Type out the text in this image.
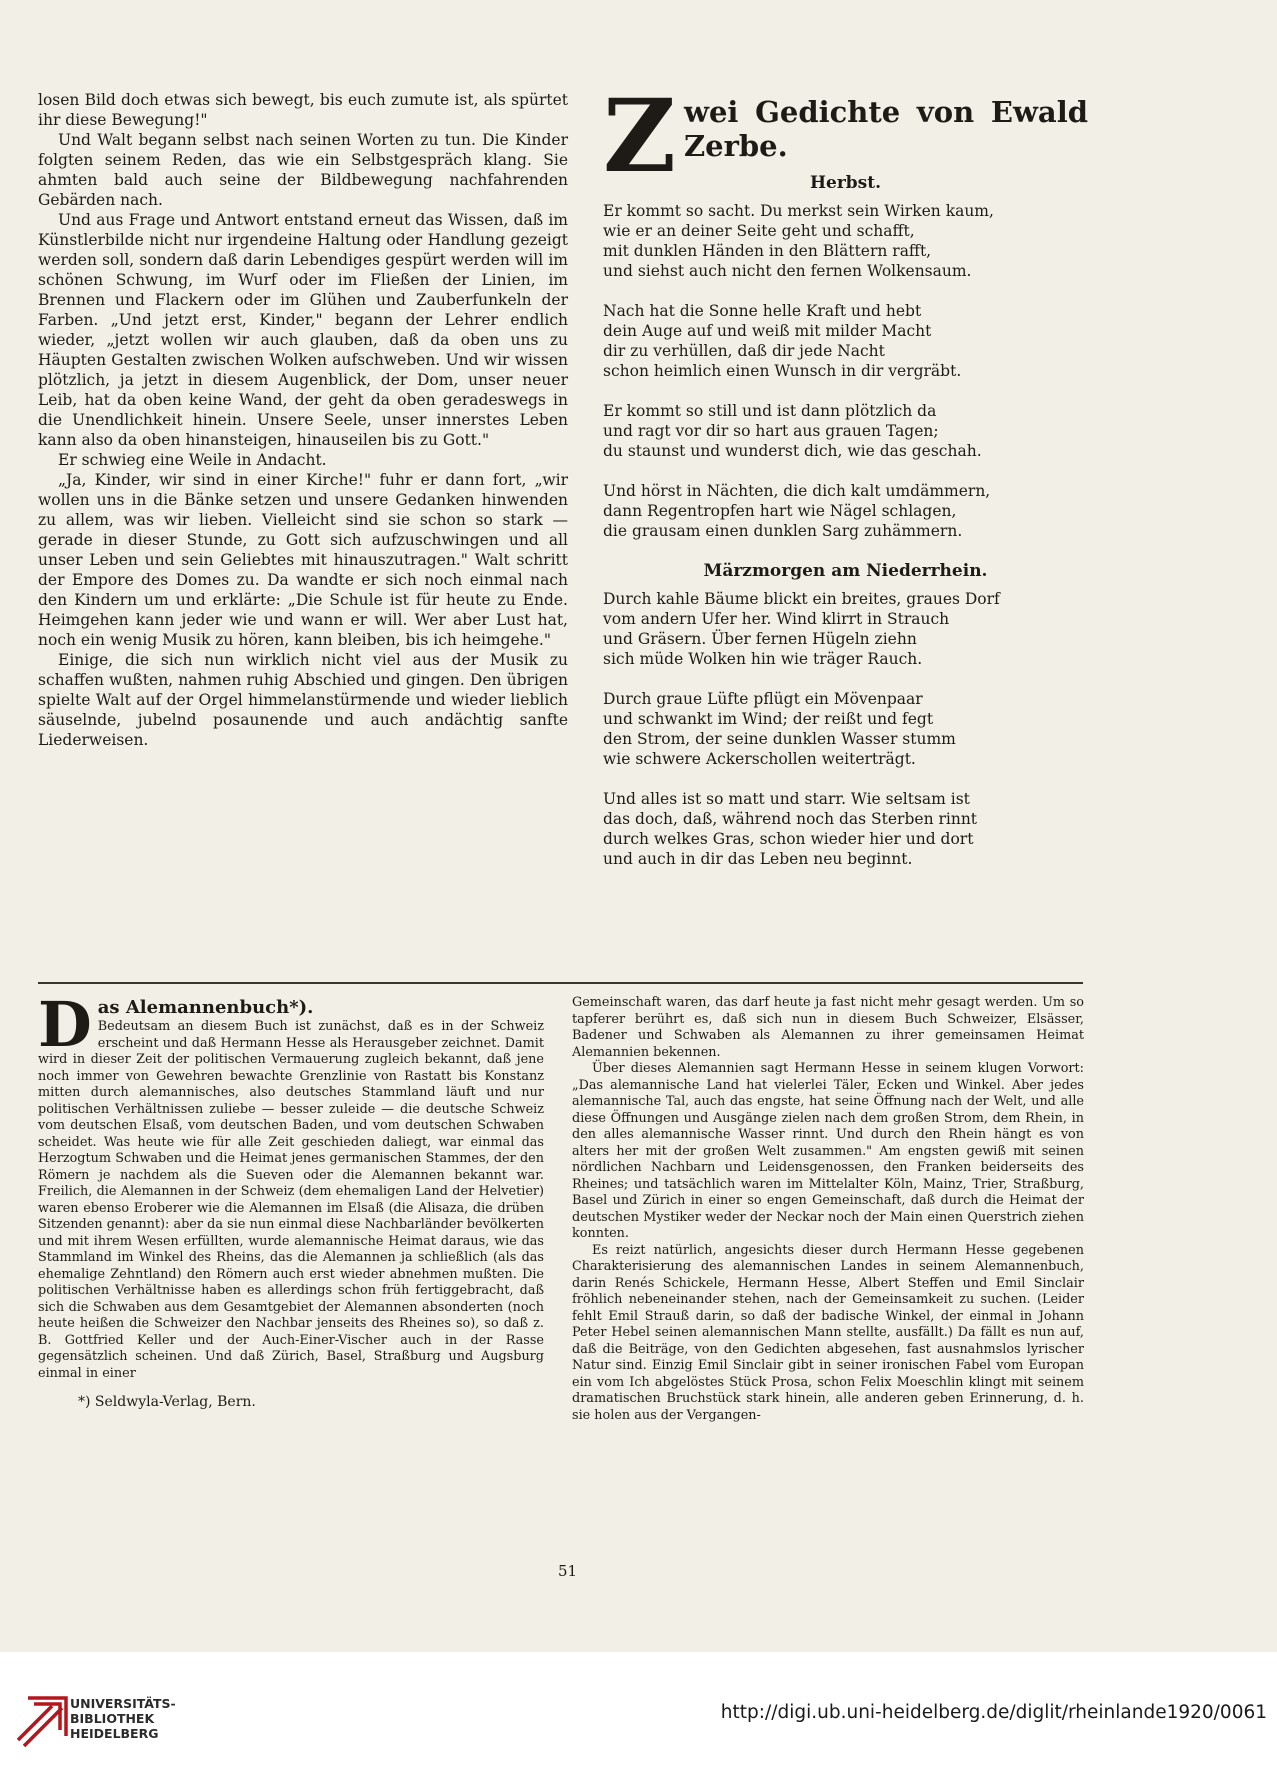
losen Bild doch etwas sich bewegt, bis euch zumute ist, als spürtet ihr diese Bewegung!"

Und Walt begann selbst nach seinen Worten zu tun. Die Kinder folgten seinem Reden, das wie ein Selbstgespräch klang. Sie ahmten bald auch seine der Bildbewegung nachfahrenden Gebärden nach.

Und aus Frage und Antwort entstand erneut das Wissen, daß im Künstlerbilde nicht nur irgendeine Haltung oder Handlung gezeigt werden soll, sondern daß darin Lebendiges gespürt werden will im schönen Schwung, im Wurf oder im Fließen der Linien, im Brennen und Flackern oder im Glühen und Zauberfunkeln der Farben. „Und jetzt erst, Kinder," begann der Lehrer endlich wieder, „jetzt wollen wir auch glauben, daß da oben uns zu Häupten Gestalten zwischen Wolken aufschweben. Und wir wissen plötzlich, ja jetzt in diesem Augenblick, der Dom, unser neuer Leib, hat da oben keine Wand, der geht da oben geradeswegs in die Unendlichkeit hinein. Unsere Seele, unser innerstes Leben kann also da oben hinansteigen, hinauseilen bis zu Gott."

Er schwieg eine Weile in Andacht.

„Ja, Kinder, wir sind in einer Kirche!" fuhr er dann fort, „wir wollen uns in die Bänke setzen und unsere Gedanken hinwenden zu allem, was wir lieben. Vielleicht sind sie schon so stark — gerade in dieser Stunde, zu Gott sich aufzuschwingen und all unser Leben und sein Geliebtes mit hinauszutragen." Walt schritt der Empore des Domes zu. Da wandte er sich noch einmal nach den Kindern um und erklärte: „Die Schule ist für heute zu Ende. Heimgehen kann jeder wie und wann er will. Wer aber Lust hat, noch ein wenig Musik zu hören, kann bleiben, bis ich heimgehe."

Einige, die sich nun wirklich nicht viel aus der Musik zu schaffen wußten, nahmen ruhig Abschied und gingen. Den übrigen spielte Walt auf der Orgel himmelanstürmende und wieder lieblich säuselnde, jubelnd posaunende und auch andächtig sanfte Liederweisen.

Z wei Gedichte von Ewald Zerbe.
Herbst.

Er kommt so sacht. Du merkst sein Wirken kaum,

wie er an deiner Seite geht und schafft,

mit dunklen Händen in den Blättern rafft,

und siehst auch nicht den fernen Wolkensaum.

Nach hat die Sonne helle Kraft und hebt

dein Auge auf und weiß mit milder Macht

dir zu verhüllen, daß dir jede Nacht

schon heimlich einen Wunsch in dir vergräbt.

Er kommt so still und ist dann plötzlich da

und ragt vor dir so hart aus grauen Tagen;

du staunst und wunderst dich, wie das geschah.

Und hörst in Nächten, die dich kalt umdämmern,

dann Regentropfen hart wie Nägel schlagen,

die grausam einen dunklen Sarg zuhämmern.

Märzmorgen am Niederrhein.

Durch kahle Bäume blickt ein breites, graues Dorf

vom andern Ufer her. Wind klirrt in Strauch

und Gräsern. Über fernen Hügeln ziehn

sich müde Wolken hin wie träger Rauch.

Durch graue Lüfte pflügt ein Mövenpaar

und schwankt im Wind; der reißt und fegt

den Strom, der seine dunklen Wasser stumm

wie schwere Ackerschollen weiterträgt.

Und alles ist so matt und starr. Wie seltsam ist

das doch, daß, während noch das Sterben rinnt

durch welkes Gras, schon wieder hier und dort

und auch in dir das Leben neu beginnt.

D as Alemannenbuch*).

Bedeutsam an diesem Buch ist zunächst, daß es in der Schweiz erscheint und daß Hermann Hesse als Herausgeber zeichnet. Damit wird in dieser Zeit der politischen Vermauerung zugleich bekannt, daß jene noch immer von Gewehren bewachte Grenzlinie von Rastatt bis Konstanz mitten durch alemannisches, also deutsches Stammland läuft und nur politischen Verhältnissen zuliebe — besser zuleide — die deutsche Schweiz vom deutschen Elsaß, vom deutschen Baden, und vom deutschen Schwaben scheidet. Was heute wie für alle Zeit geschieden daliegt, war einmal das Herzogtum Schwaben und die Heimat jenes germanischen Stammes, der den Römern je nachdem als die Sueven oder die Alemannen bekannt war. Freilich, die Alemannen in der Schweiz (dem ehemaligen Land der Helvetier) waren ebenso Eroberer wie die Alemannen im Elsaß (die Alisaza, die drüben Sitzenden genannt): aber da sie nun einmal diese Nachbarländer bevölkerten und mit ihrem Wesen erfüllten, wurde alemannische Heimat daraus, wie das Stammland im Winkel des Rheins, das die Alemannen ja schließlich (als das ehemalige Zehntland) den Römern auch erst wieder abnehmen mußten. Die politischen Verhältnisse haben es allerdings schon früh fertiggebracht, daß sich die Schwaben aus dem Gesamtgebiet der Alemannen absonderten (noch heute heißen die Schweizer den Nachbar jenseits des Rheines so), so daß z. B. Gottfried Keller und der Auch-Einer-Vischer auch in der Rasse gegensätzlich scheinen. Und daß Zürich, Basel, Straßburg und Augsburg einmal in einer

*) Seldwyla-Verlag, Bern.

Gemeinschaft waren, das darf heute ja fast nicht mehr gesagt werden. Um so tapferer berührt es, daß sich nun in diesem Buch Schweizer, Elsässer, Badener und Schwaben als Alemannen zu ihrer gemeinsamen Heimat Alemannien bekennen.

Über dieses Alemannien sagt Hermann Hesse in seinem klugen Vorwort: „Das alemannische Land hat vielerlei Täler, Ecken und Winkel. Aber jedes alemannische Tal, auch das engste, hat seine Öffnung nach der Welt, und alle diese Öffnungen und Ausgänge zielen nach dem großen Strom, dem Rhein, in den alles alemannische Wasser rinnt. Und durch den Rhein hängt es von alters her mit der großen Welt zusammen." Am engsten gewiß mit seinen nördlichen Nachbarn und Leidensgenossen, den Franken beiderseits des Rheines; und tatsächlich waren im Mittelalter Köln, Mainz, Trier, Straßburg, Basel und Zürich in einer so engen Gemeinschaft, daß durch die Heimat der deutschen Mystiker weder der Neckar noch der Main einen Querstrich ziehen konnten.

Es reizt natürlich, angesichts dieser durch Hermann Hesse gegebenen Charakterisierung des alemannischen Landes in seinem Alemannenbuch, darin Renés Schickele, Hermann Hesse, Albert Steffen und Emil Sinclair fröhlich nebeneinander stehen, nach der Gemeinsamkeit zu suchen. (Leider fehlt Emil Strauß darin, so daß der badische Winkel, der einmal in Johann Peter Hebel seinen alemannischen Mann stellte, ausfällt.) Da fällt es nun auf, daß die Beiträge, von den Gedichten abgesehen, fast ausnahmslos lyrischer Natur sind. Einzig Emil Sinclair gibt in seiner ironischen Fabel vom Europan ein vom Ich abgelöstes Stück Prosa, schon Felix Moeschlin klingt mit seinem dramatischen Bruchstück stark hinein, alle anderen geben Erinnerung, d. h. sie holen aus der Vergangen-

51
UNIVERSITÄTS-
BIBLIOTHEK
HEIDELBERG
http://digi.ub.uni-heidelberg.de/diglit/rheinlande1920/0061
